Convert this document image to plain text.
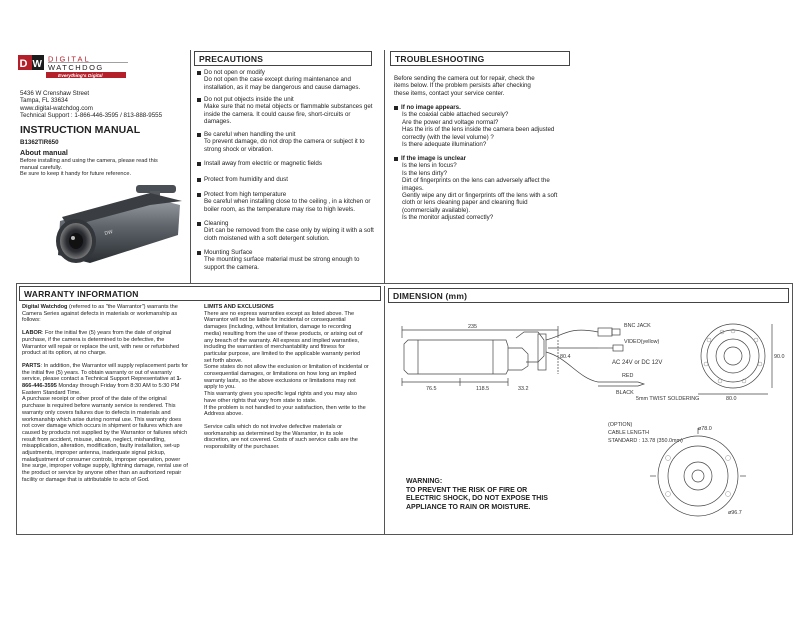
D W DIGITAL
WATCHDOG
Everything's Digital
5436 W Crenshaw Street
Tampa, FL 33634
www.digital-watchdog.com
Technical Support : 1-866-446-3595 / 813-888-9555
INSTRUCTION MANUAL
B1362TIR650
About manual
Before installing and using the camera, please read this manual carefully.
Be sure to keep it handy for future reference.
DW
PRECAUTIONS
Do not open or modify
Do not open the case except during maintenance and installation, as it may be dangerous and cause damages.
Do not put objects inside the unit
Make sure that no metal objects or flammable substances get inside the camera. It could cause fire, short-circuits or damages.
Be careful when handling the unit
To prevent damage, do not drop the camera or subject it to strong shock or vibration.
Install away from electric or magnetic fields
Protect from humidity and dust
Protect from high temperature
Be careful when installing close to the ceiling , in a kitchen or boiler room, as the temperature may rise to high levels.
Cleaning
Dirt can be removed from the case only by wiping it with a soft cloth moistened with a soft detergent solution.
Mounting Surface
The mounting surface material must be strong enough to support the camera.
TROUBLESHOOTING
Before sending the camera out for repair, check the items below. If the problem persists after checking these items, contact your service center.
If no image appears.
Is the coaxial cable attached securely?
Are the power and voltage normal?
Has the iris of the lens inside the camera been adjusted correctly (with the level volume) ?
Is there adequate illumination?
If the image is unclear
Is the lens in focus?
Is the lens dirty?
Dirt of fingerprints on the lens can adversely affect the images.
Gently wipe any dirt or fingerprints off the lens with a soft cloth or lens cleaning paper and cleaning fluid (commercially available).
Is the monitor adjusted correctly?
WARRANTY INFORMATION
Digital Watchdog (referred to as "the Warrantor") warrants the Camera Series against defects in materials or workmanship as follows:
LABOR: For the initial five (5) years from the date of original purchase, if the camera is determined to be defective, the Warrantor will repair or replace the unit, with new or refurbished product at its option, at no charge.
PARTS: In addition, the Warrantor will supply replacement parts for the initial five (5) years. To obtain warranty or out of warranty service, please contact a Technical Support Representative at 1-866-446-3595 Monday through Friday from 8:30 AM to 5:30 PM Eastern Standard Time.
A purchase receipt or other proof of the date of the original purchase is required before warranty service is rendered. This warranty only covers failures due to defects in materials and workmanship which arise during normal use. This warranty does not cover damage which occurs in shipment or failures which are caused by products not supplied by the Warrantor or failures which result from accident, misuse, abuse, neglect, mishandling, misapplication, alteration, modification, faulty installation, set-up adjustments, improper antenna, inadequate signal pickup, maladjustment of consumer controls, improper operation, power line surge, improper voltage supply, lightning damage, rental use of the product or service by anyone other than an authorized repair facility or damage that is attributable to acts of God.
LIMITS AND EXCLUSIONS
There are no express warranties except as listed above. The Warrantor will not be liable for incidental or consequential damages (including, without limitation, damage to recording media) resulting from the use of these products, or arising out of any breach of the warranty. All express and implied warranties, including the warranties of merchantability and fitness for particular purpose, are limited to the applicable warranty period set forth above.
Some states do not allow the exclusion or limitation of incidental or consequential damages, or limitations on how long an implied warranty lasts, so the above exclusions or limitations may not apply to you.
This warranty gives you specific legal rights and you may also have other rights that vary from state to state.
If the problem is not handled to your satisfaction, then write to the Address above.
Service calls which do not involve defective materials or workmanship as determined by the Warrantor, in its sole discretion, are not covered. Costs of such service calls are the responsibility of the purchaser.
DIMENSION (mm)
235
76.5	118.5	33.2
80.4
80.0
90.0
BNC JACK
VIDEO(yellow)
AC 24V or DC 12V
RED
BLACK
5mm TWIST SOLDERING
(OPTION)
CABLE LENGTH
STANDARD : 13.78 (350.0mm)
ø78.0
ø96.7
WARNING:
TO PREVENT THE RISK OF FIRE OR
ELECTRIC SHOCK, DO NOT EXPOSE THIS
APPLIANCE TO RAIN OR MOISTURE.
